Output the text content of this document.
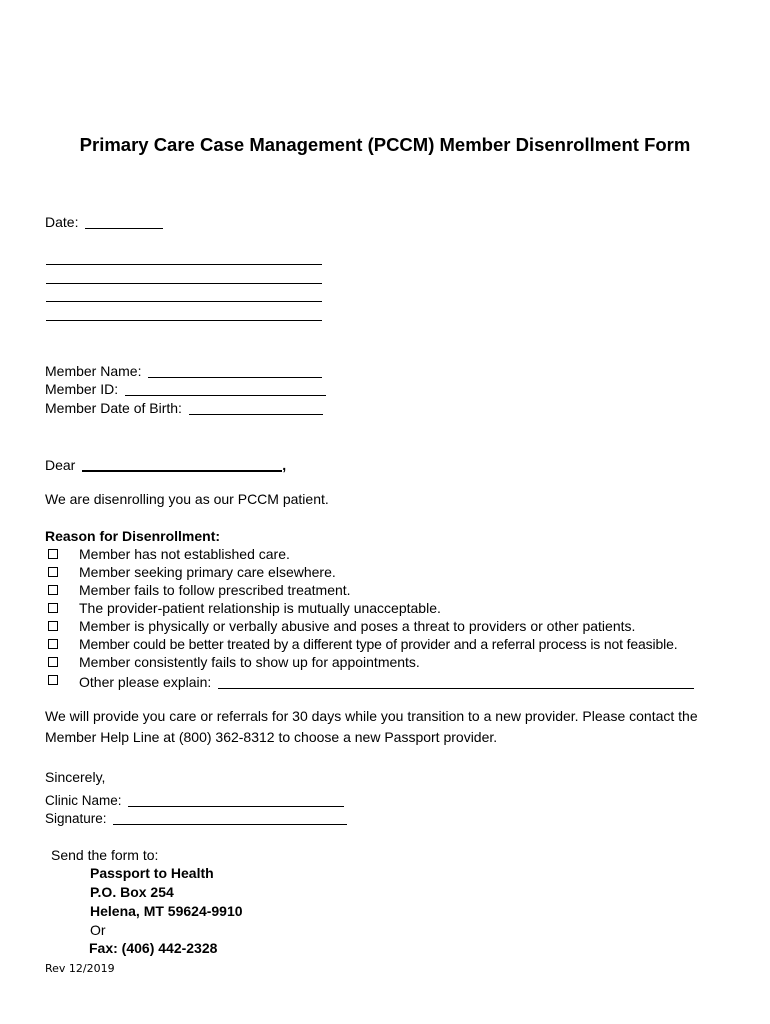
Primary Care Case Management (PCCM) Member Disenrollment Form
Date:
Member Name:
Member ID:
Member Date of Birth:
Dear	,
We are disenrolling you as our PCCM patient.
Reason for Disenrollment:
Member has not established care.
Member seeking primary care elsewhere.
Member fails to follow prescribed treatment.
The provider-patient relationship is mutually unacceptable.
Member is physically or verbally abusive and poses a threat to providers or other patients.
Member could be better treated by a different type of provider and a referral process is not feasible.
Member consistently fails to show up for appointments.
Other please explain:
We will provide you care or referrals for 30 days while you transition to a new provider. Please contact the Member Help Line at (800) 362-8312 to choose a new Passport provider.
Sincerely,
Clinic Name:
Signature:
Send the form to:
Passport to Health
P.O. Box 254
Helena, MT 59624-9910
Or
Fax: (406) 442-2328
Rev 12/2019
